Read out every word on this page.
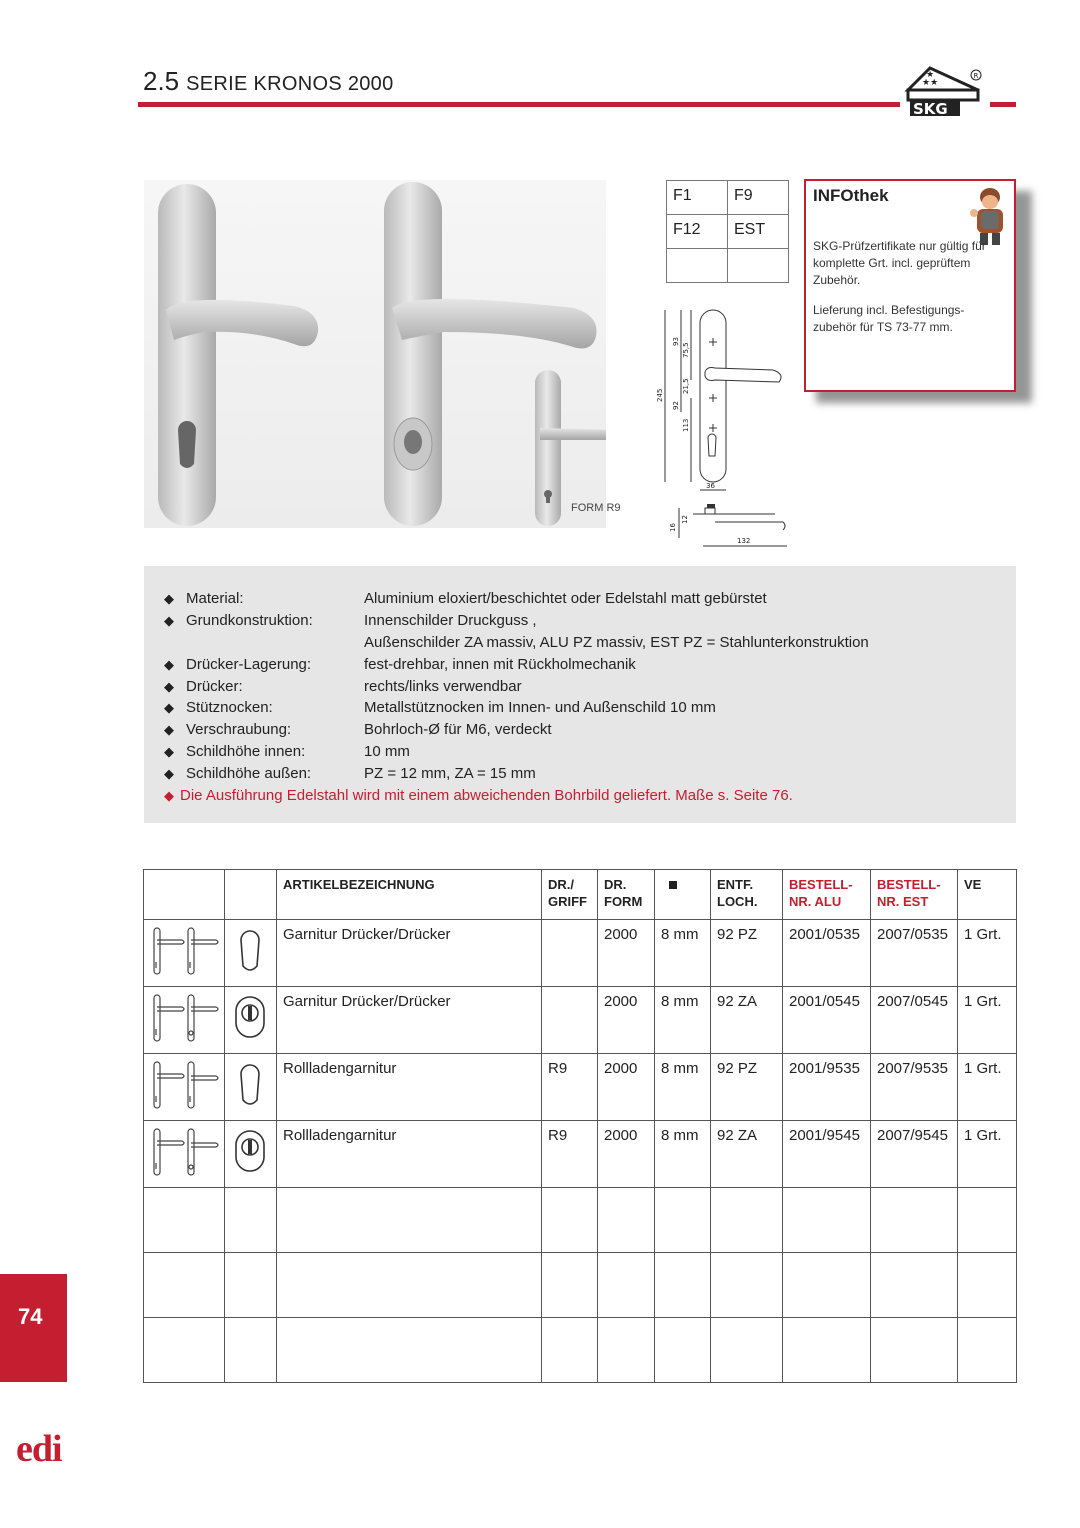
2.5 SERIE KRONOS 2000	★★
★
SKG
R
FORM R9
F1	F9
F12	EST

93
75,5
21,5
92
113
245
36
16
12
132
INFOthek
SKG-Prüfzertifikate nur gültig für komplette Grt. incl. geprüftem Zubehör.
Lieferung incl. Befestigungs-zubehör für TS 73-77 mm.
◆ Material:	Aluminium eloxiert/beschichtet oder Edelstahl matt gebürstet
◆ Grundkonstruktion:	Innenschilder Druckguss ,
Außenschilder ZA massiv, ALU PZ massiv, EST PZ = Stahlunterkonstruktion
◆ Drücker-Lagerung:	fest-drehbar, innen mit Rückholmechanik
◆ Drücker:	rechts/links verwendbar
◆ Stütznocken:	Metallstütznocken im Innen- und Außenschild 10 mm
◆ Verschraubung:	Bohrloch-Ø für M6, verdeckt
◆ Schildhöhe innen:	10 mm
◆ Schildhöhe außen:	PZ = 12 mm, ZA = 15 mm
◆ Die Ausführung Edelstahl wird mit einem abweichenden Bohrbild geliefert. Maße s. Seite 76.
		ARTIKELBEZEICHNUNG	DR./ GRIFF	DR. FORM		ENTF. LOCH.	BESTELL- NR. ALU	BESTELL- NR. EST	VE
		Garnitur Drücker/Drücker		2000	8 mm	92 PZ	2001/0535	2007/0535	1 Grt.
		Garnitur Drücker/Drücker		2000	8 mm	92 ZA	2001/0545	2007/0545	1 Grt.
		Rollladengarnitur	R9	2000	8 mm	92 PZ	2001/9535	2007/9535	1 Grt.
		Rollladengarnitur	R9	2000	8 mm	92 ZA	2001/9545	2007/9545	1 Grt.

74
edi
